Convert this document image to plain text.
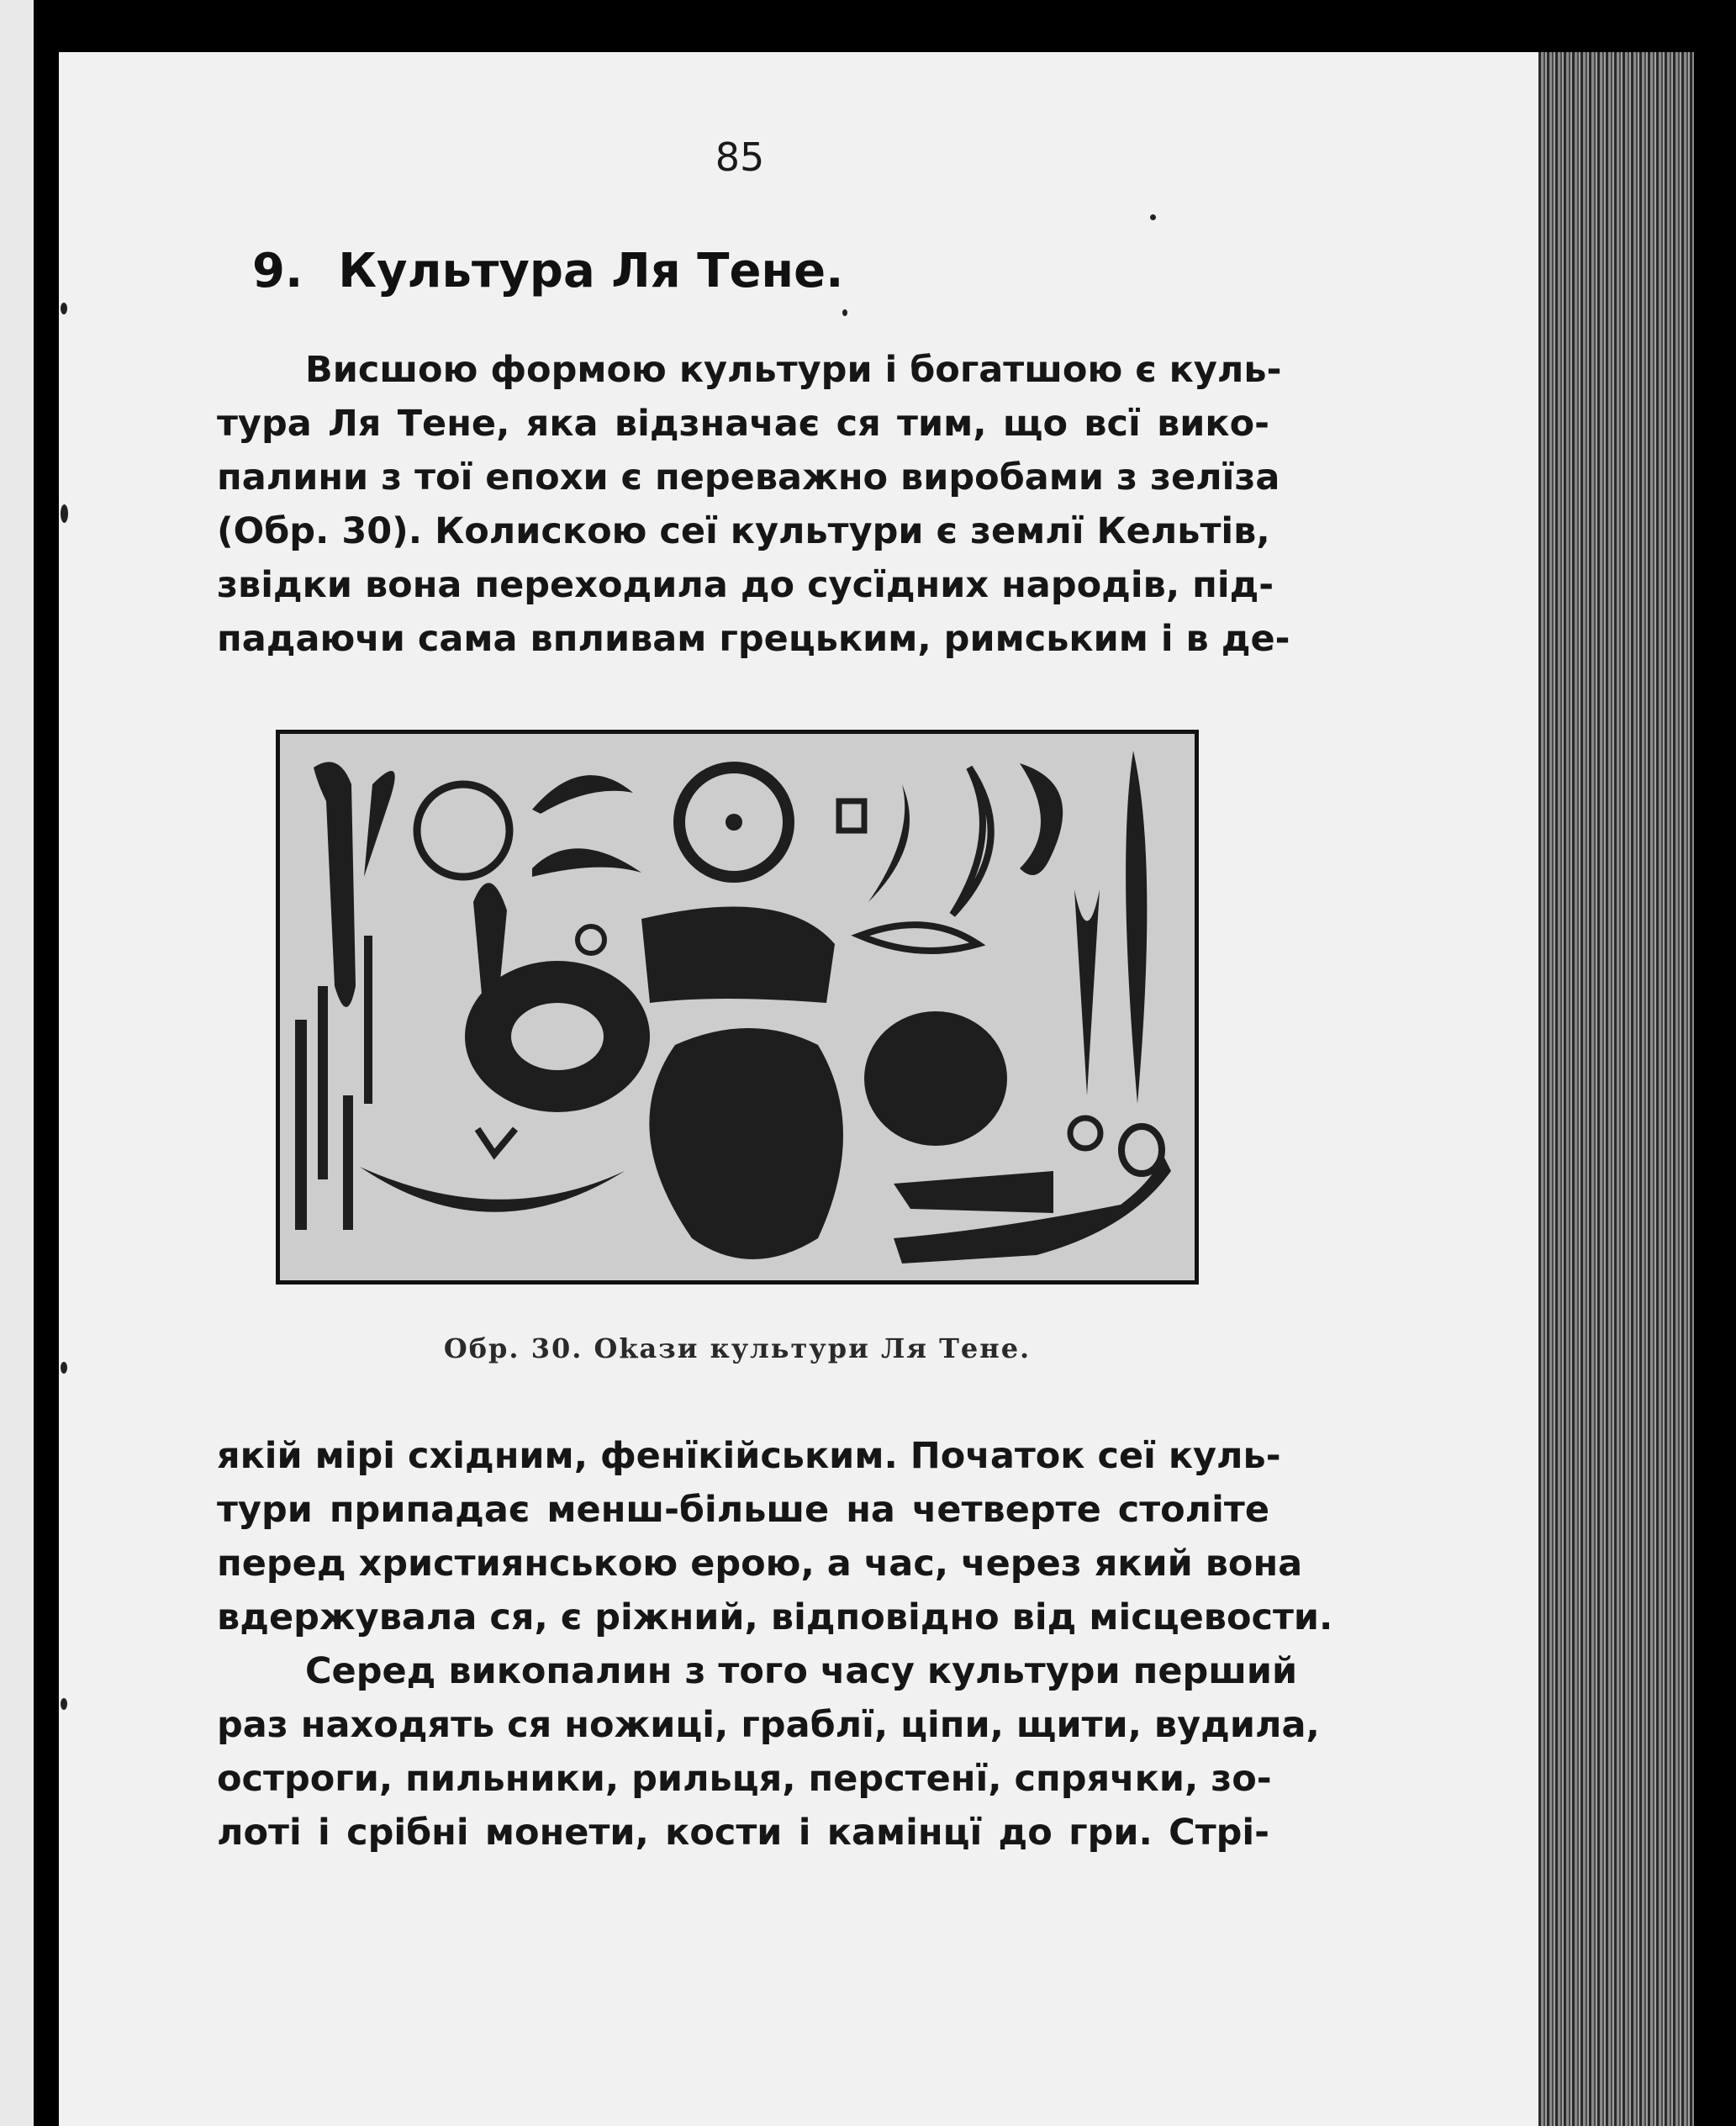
85
9. Культура Ля Тене.
Висшою формою культури і богатшою є куль-
тура Ля Тене, яка відзначає ся тим, що всї вико-
палини з тої епохи є переважно виробами з зелїза
(Обр. 30). Колискою сеї культури є землї Кельтів,
звідки вона переходила до сусїдних народів, під-
падаючи сама впливам грецьким, римським і в де-
Обр. 30. Оkази культури Ля Тене.
якій мірі східним, фенїкійським. Початок сеї куль-
тури припадає менш-більше на четверте століте
перед християнською ерою, а час, через який вона
вдержувала ся, є ріжний, відповідно від місцевости.
Серед викопалин з того часу культури перший
раз находять ся ножиці, граблї, ціпи, щити, вудила,
остроги, пильники, рильця, перстенї, спрячки, зо-
лоті і срібні монети, кости і камінцї до гри. Стрі-
